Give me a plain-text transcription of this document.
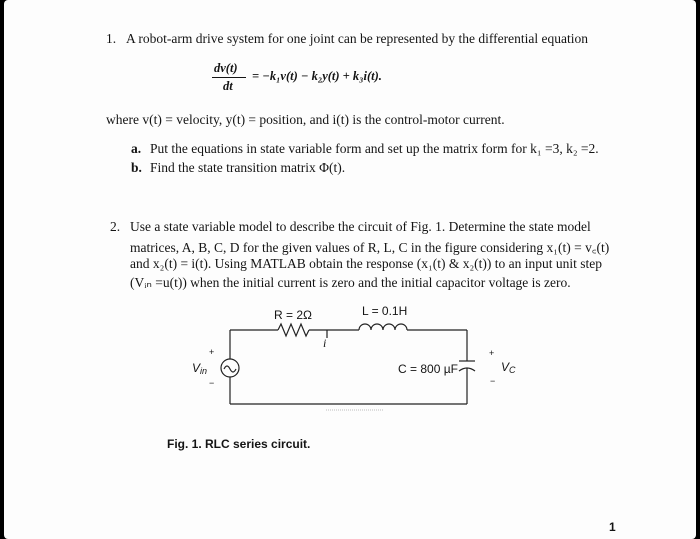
1. A robot-arm drive system for one joint can be represented by the differential equation
dv(t)
dt
= −k₁v(t) − k₂y(t) + k₃i(t).
where v(t) = velocity, y(t) = position, and i(t) is the control-motor current.
a. Put the equations in state variable form and set up the matrix form for k₁ =3, k₂ =2.
b. Find the state transition matrix Φ(t).
2. Use a state variable model to describe the circuit of Fig. 1. Determine the state model
matrices, A, B, C, D for the given values of R, L, C in the figure considering x₁(t) = v꜀(t)
and x₂(t) = i(t). Using MATLAB obtain the response (x₁(t) & x₂(t)) to an input unit step
(Vᵢₙ =u(t)) when the initial current is zero and the initial capacitor voltage is zero.
R = 2Ω	L = 0.1H
i
C = 800 µF
+
$V_{in}$
−
+
$V_C$
−
Fig. 1. RLC series circuit.
1
